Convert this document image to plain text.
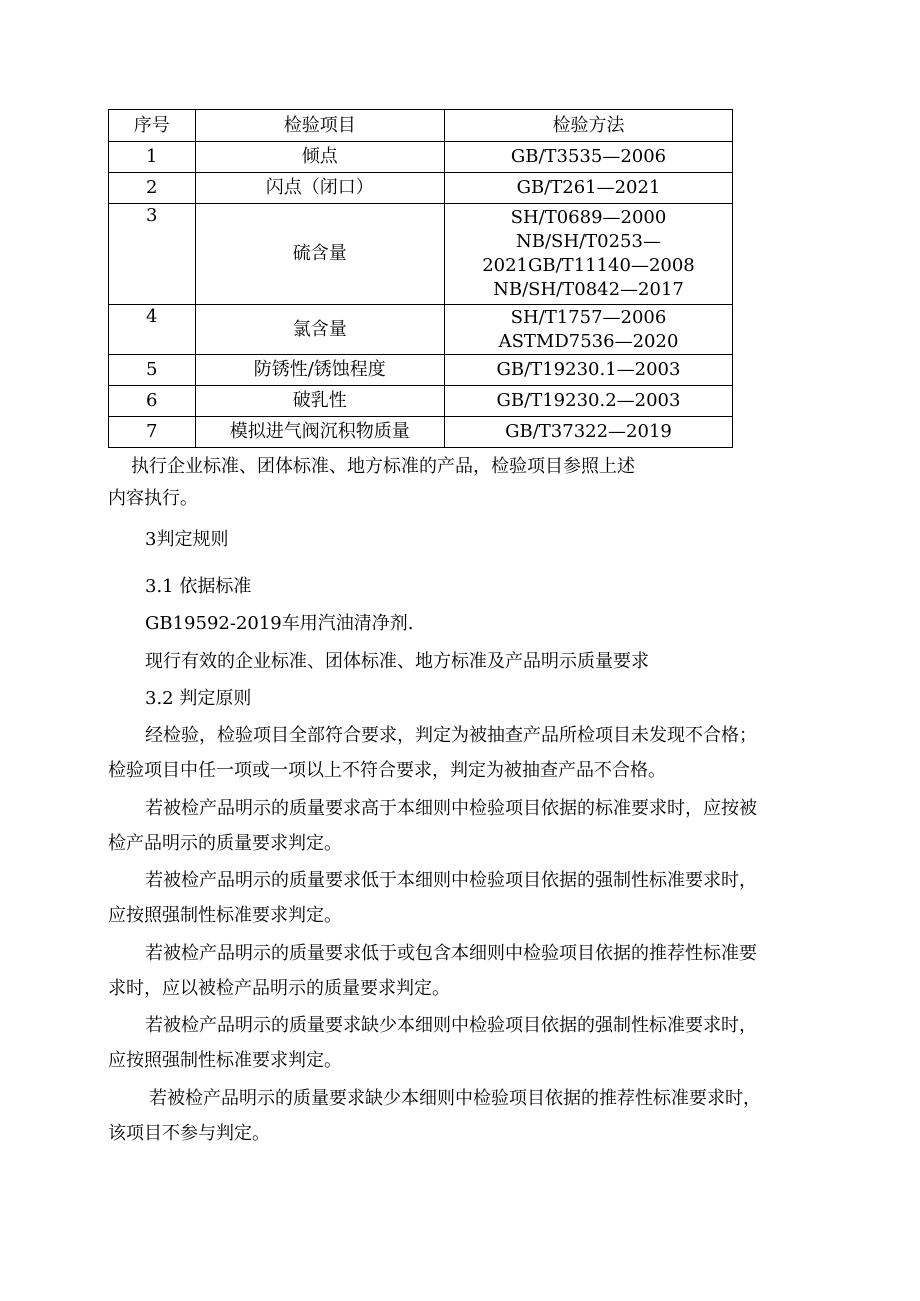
序号	检验项目	检验方法
1	倾点	GB/T3535—2006
2	闪点（闭口）	GB/T261—2021
3	硫含量	SH/T0689—2000
NB/SH/T0253—
2021GB/T11140—2008
NB/SH/T0842—2017

4	氯含量	SH/T1757—2006
ASTMD7536—2020

5	防锈性/锈蚀程度	GB/T19230.1—2003
6	破乳性	GB/T19230.2—2003
7	模拟进气阀沉积物质量	GB/T37322—2019
执行企业标准、团体标准、地方标准的产品，检验项目参照上述
内容执行。
3判定规则
3.1 依据标准
GB19592-2019车用汽油清净剂.
现行有效的企业标准、团体标准、地方标准及产品明示质量要求
3.2 判定原则
经检验，检验项目全部符合要求，判定为被抽查产品所检项目未发现不合格；
检验项目中任一项或一项以上不符合要求，判定为被抽查产品不合格。
若被检产品明示的质量要求高于本细则中检验项目依据的标准要求时，应按被
检产品明示的质量要求判定。
若被检产品明示的质量要求低于本细则中检验项目依据的强制性标准要求时，
应按照强制性标准要求判定。
若被检产品明示的质量要求低于或包含本细则中检验项目依据的推荐性标准要
求时，应以被检产品明示的质量要求判定。
若被检产品明示的质量要求缺少本细则中检验项目依据的强制性标准要求时，
应按照强制性标准要求判定。
若被检产品明示的质量要求缺少本细则中检验项目依据的推荐性标准要求时，
该项目不参与判定。
